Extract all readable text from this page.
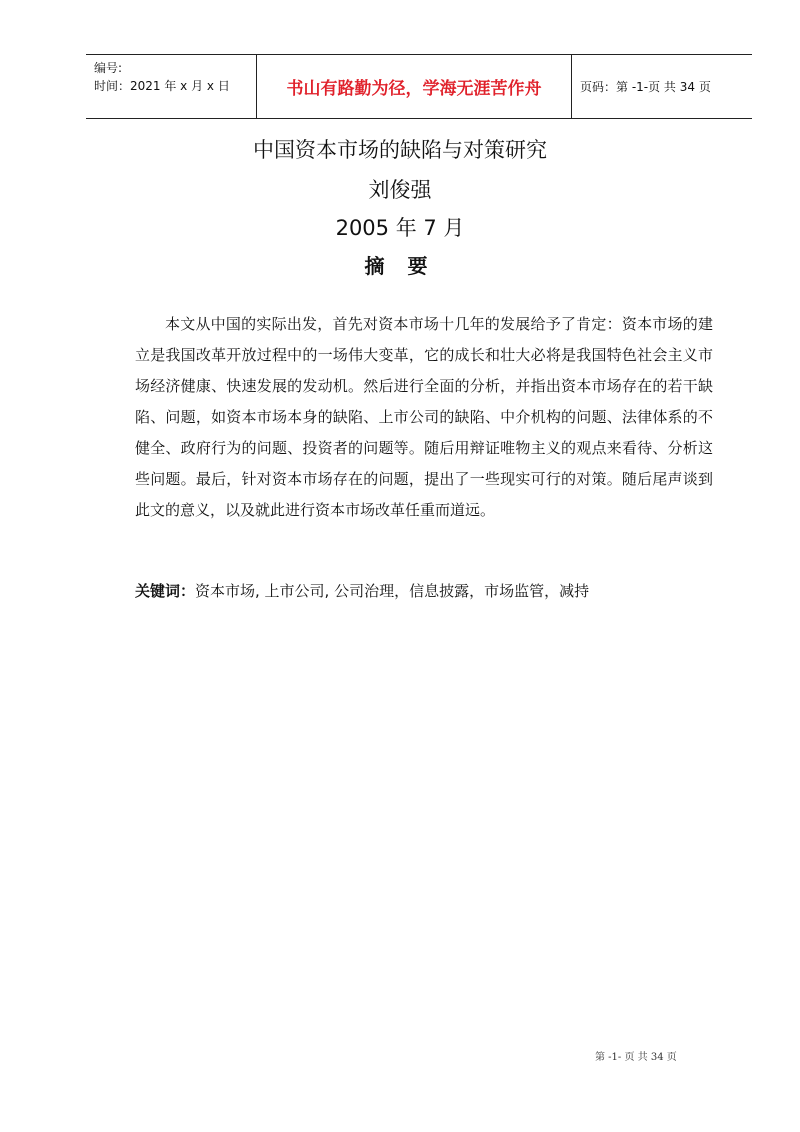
编号:
时间：2021 年 x 月 x 日	书山有路勤为径，学海无涯苦作舟	页码：第 -1-页 共 34 页
中国资本市场的缺陷与对策研究
刘俊强
2005 年 7 月
摘 要
本文从中国的实际出发，首先对资本市场十几年的发展给予了肯定：资本市场的建立是我国改革开放过程中的一场伟大变革，它的成长和壮大必将是我国特色社会主义市场经济健康、快速发展的发动机。然后进行全面的分析，并指出资本市场存在的若干缺陷、问题，如资本市场本身的缺陷、上市公司的缺陷、中介机构的问题、法律体系的不健全、政府行为的问题、投资者的问题等。随后用辩证唯物主义的观点来看待、分析这些问题。最后，针对资本市场存在的问题，提出了一些现实可行的对策。随后尾声谈到此文的意义，以及就此进行资本市场改革任重而道远。
关键词：资本市场, 上市公司, 公司治理，信息披露，市场监管，减持
第 -1- 页 共 34 页
